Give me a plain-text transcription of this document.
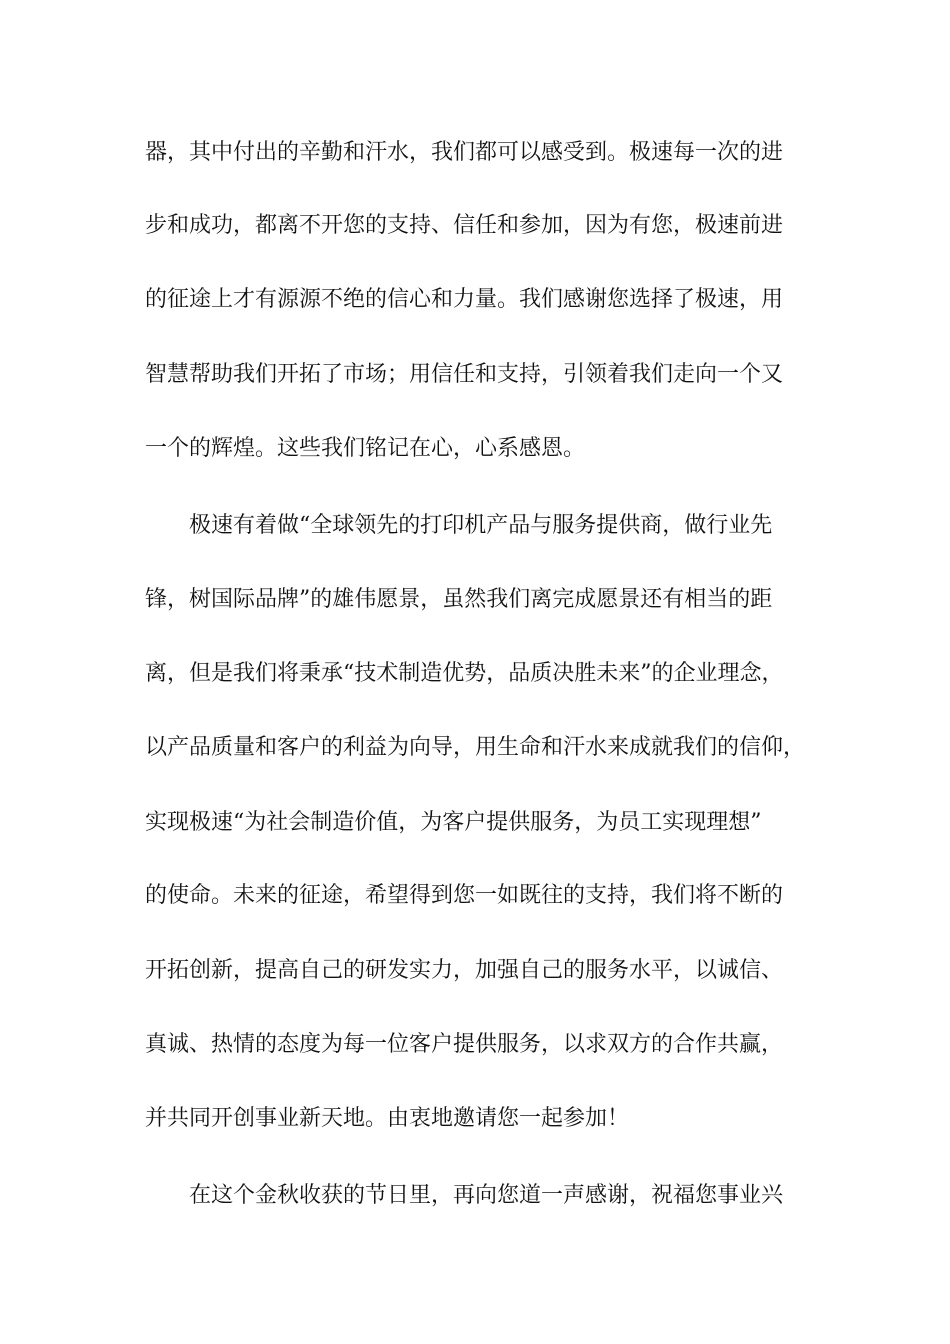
器，其中付出的辛勤和汗水，我们都可以感受到。极速每一次的进
步和成功，都离不开您的支持、信任和参加，因为有您，极速前进
的征途上才有源源不绝的信心和力量。我们感谢您选择了极速，用
智慧帮助我们开拓了市场；用信任和支持，引领着我们走向一个又
一个的辉煌。这些我们铭记在心，心系感恩。
极速有着做“全球领先的打印机产品与服务提供商，做行业先
锋，树国际品牌”的雄伟愿景，虽然我们离完成愿景还有相当的距
离，但是我们将秉承“技术制造优势，品质决胜未来”的企业理念，
以产品质量和客户的利益为向导，用生命和汗水来成就我们的信仰，
实现极速“为社会制造价值，为客户提供服务，为员工实现理想”
的使命。未来的征途，希望得到您一如既往的支持，我们将不断的
开拓创新，提高自己的研发实力，加强自己的服务水平，以诚信、
真诚、热情的态度为每一位客户提供服务，以求双方的合作共赢，
并共同开创事业新天地。由衷地邀请您一起参加！
在这个金秋收获的节日里，再向您道一声感谢，祝福您事业兴
